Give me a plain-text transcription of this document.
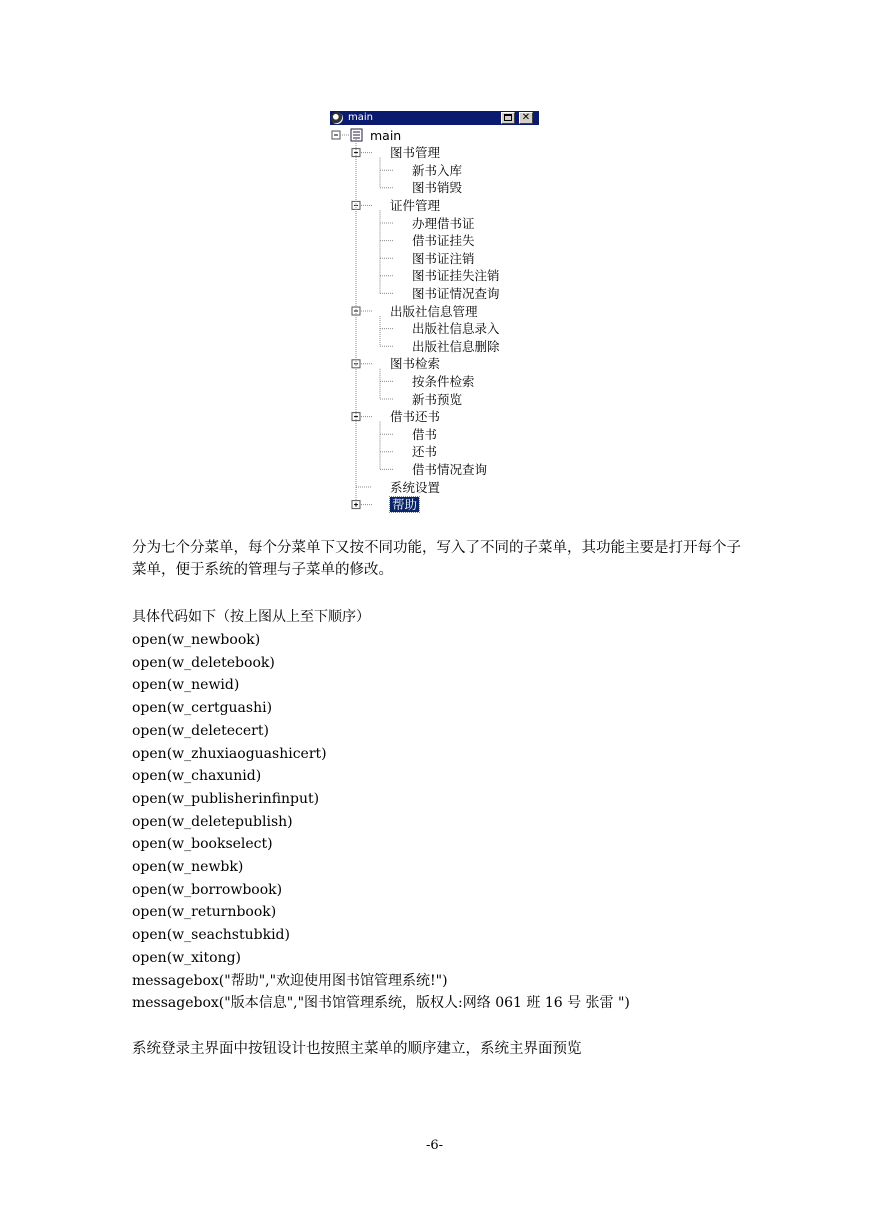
main
图书管理
新书入库
图书销毁
证件管理
办理借书证
借书证挂失
图书证注销
图书证挂失注销
图书证情况查询
出版社信息管理
出版社信息录入
出版社信息删除
图书检索
按条件检索
新书预览
借书还书
借书
还书
借书情况查询
系统设置
帮助
main	✕

分为七个分菜单，每个分菜单下又按不同功能，写入了不同的子菜单，其功能主要是打开每个子菜单，便于系统的管理与子菜单的修改。

具体代码如下（按上图从上至下顺序）
open(w_newbook)
open(w_deletebook)
open(w_newid)
open(w_certguashi)
open(w_deletecert)
open(w_zhuxiaoguashicert)
open(w_chaxunid)
open(w_publisherinfinput)
open(w_deletepublish)
open(w_bookselect)
open(w_newbk)
open(w_borrowbook)
open(w_returnbook)
open(w_seachstubkid)
open(w_xitong)
messagebox("帮助","欢迎使用图书馆管理系统!")
messagebox("版本信息","图书馆管理系统，版权人:网络 061 班 16 号 张雷 ")

系统登录主界面中按钮设计也按照主菜单的顺序建立，系统主界面预览

-6-
